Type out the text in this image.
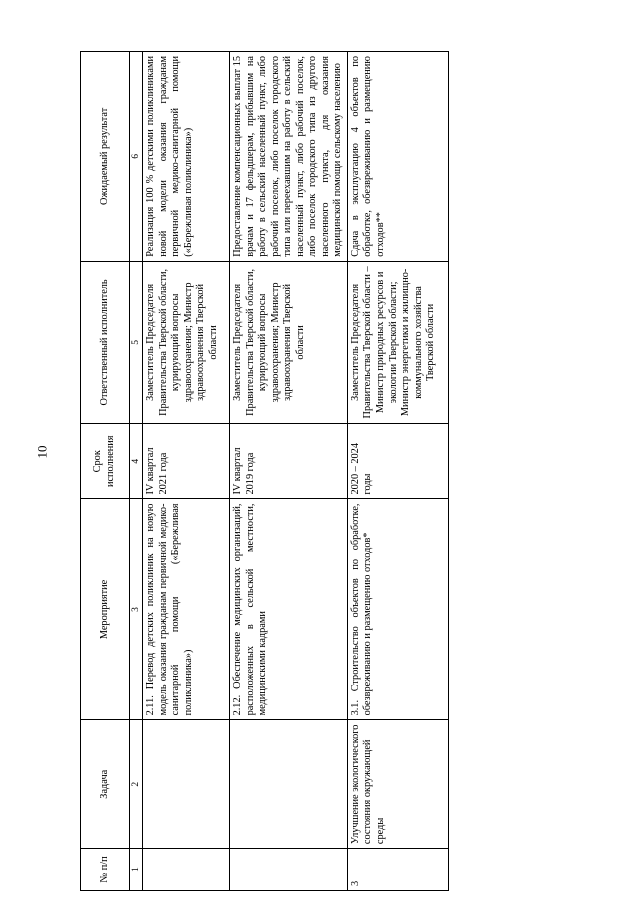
10
№ п/п	Задача	Мероприятие	Срок исполнения	Ответственный исполнитель	Ожидаемый результат
1	2	3	4	5	6
		2.11. Перевод детских поликлиник на новую модель оказания гражданам первичной медико-санитарной помощи («Бережливая поликлиника»)	IV квартал 2021 года	Заместитель Председателя Правительства Тверской области, курирующий вопросы здравоохранения; Министр здравоохранения Тверской области	Реализация 100 % детскими поликлиниками новой модели оказания гражданам первичной медико-санитарной помощи («Бережливая поликлиника»)
		2.12. Обеспечение медицинских организаций, расположенных в сельской местности, медицинскими кадрами	IV квартал 2019 года	Заместитель Председателя Правительства Тверской области, курирующий вопросы здравоохранения; Министр здравоохранения Тверской области	Предоставление компенсационных выплат 15 врачам и 17 фельдшерам, прибывшим на работу в сельский населенный пункт, либо рабочий поселок, либо поселок городского типа или переехавшим на работу в сельский населенный пункт, либо рабочий поселок, либо поселок городского типа из другого населенного пункта, для оказания медицинской помощи сельскому населению
3	Улучшение экологического состояния окружающей среды	3.1. Строительство объектов по обработке, обезвреживанию и размещению отходов*	2020 – 2024 годы	Заместитель Председателя Правительства Тверской области – Министр природных ресурсов и экологии Тверской области; Министр энергетики и жилищно-коммунального хозяйства Тверской области	Сдача в эксплуатацию 4 объектов по обработке, обезвреживанию и размещению отходов**
